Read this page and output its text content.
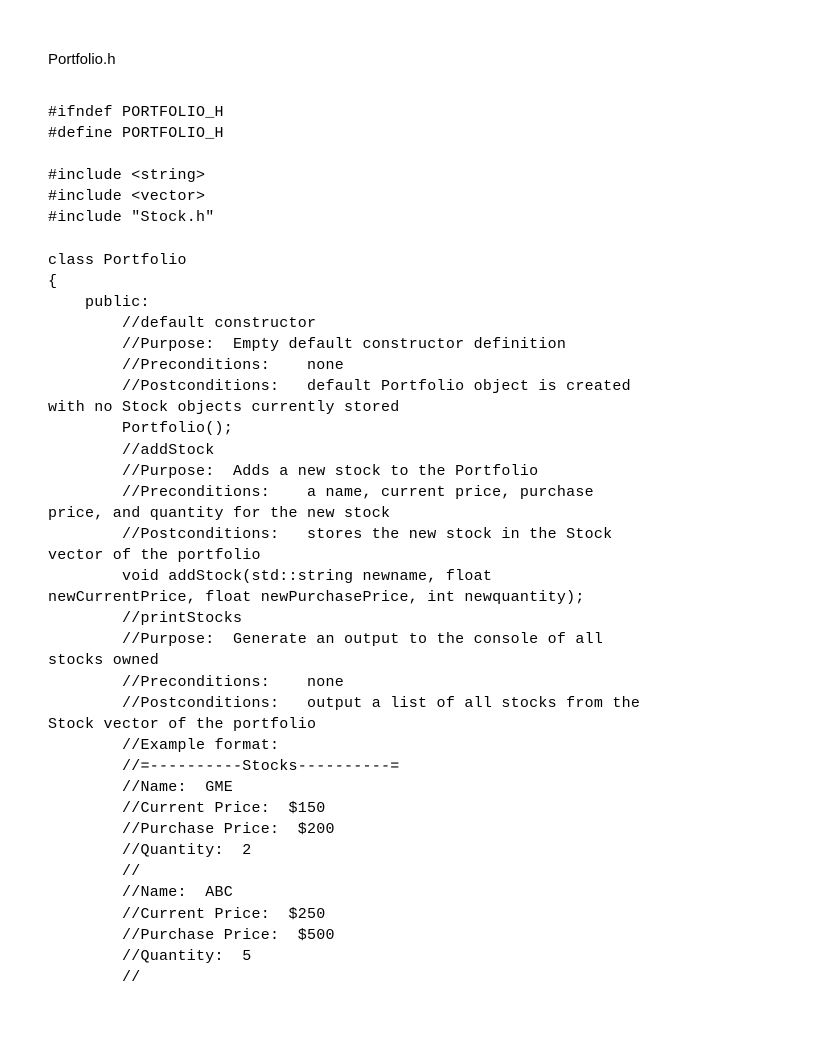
Portfolio.h
#ifndef PORTFOLIO_H
#define PORTFOLIO_H
#include <string>
#include <vector>
#include "Stock.h"
class Portfolio
{
public:
//default constructor
//Purpose:  Empty default constructor definition
//Preconditions:    none
//Postconditions:   default Portfolio object is created
with no Stock objects currently stored
Portfolio();
//addStock
//Purpose:  Adds a new stock to the Portfolio
//Preconditions:    a name, current price, purchase
price, and quantity for the new stock
//Postconditions:   stores the new stock in the Stock
vector of the portfolio
void addStock(std::string newname, float
newCurrentPrice, float newPurchasePrice, int newquantity);
//printStocks
//Purpose:  Generate an output to the console of all
stocks owned
//Preconditions:    none
//Postconditions:   output a list of all stocks from the
Stock vector of the portfolio
//Example format:
//=----------Stocks----------=
//Name:  GME
//Current Price:  $150
//Purchase Price:  $200
//Quantity:  2
//
//Name:  ABC
//Current Price:  $250
//Purchase Price:  $500
//Quantity:  5
//
